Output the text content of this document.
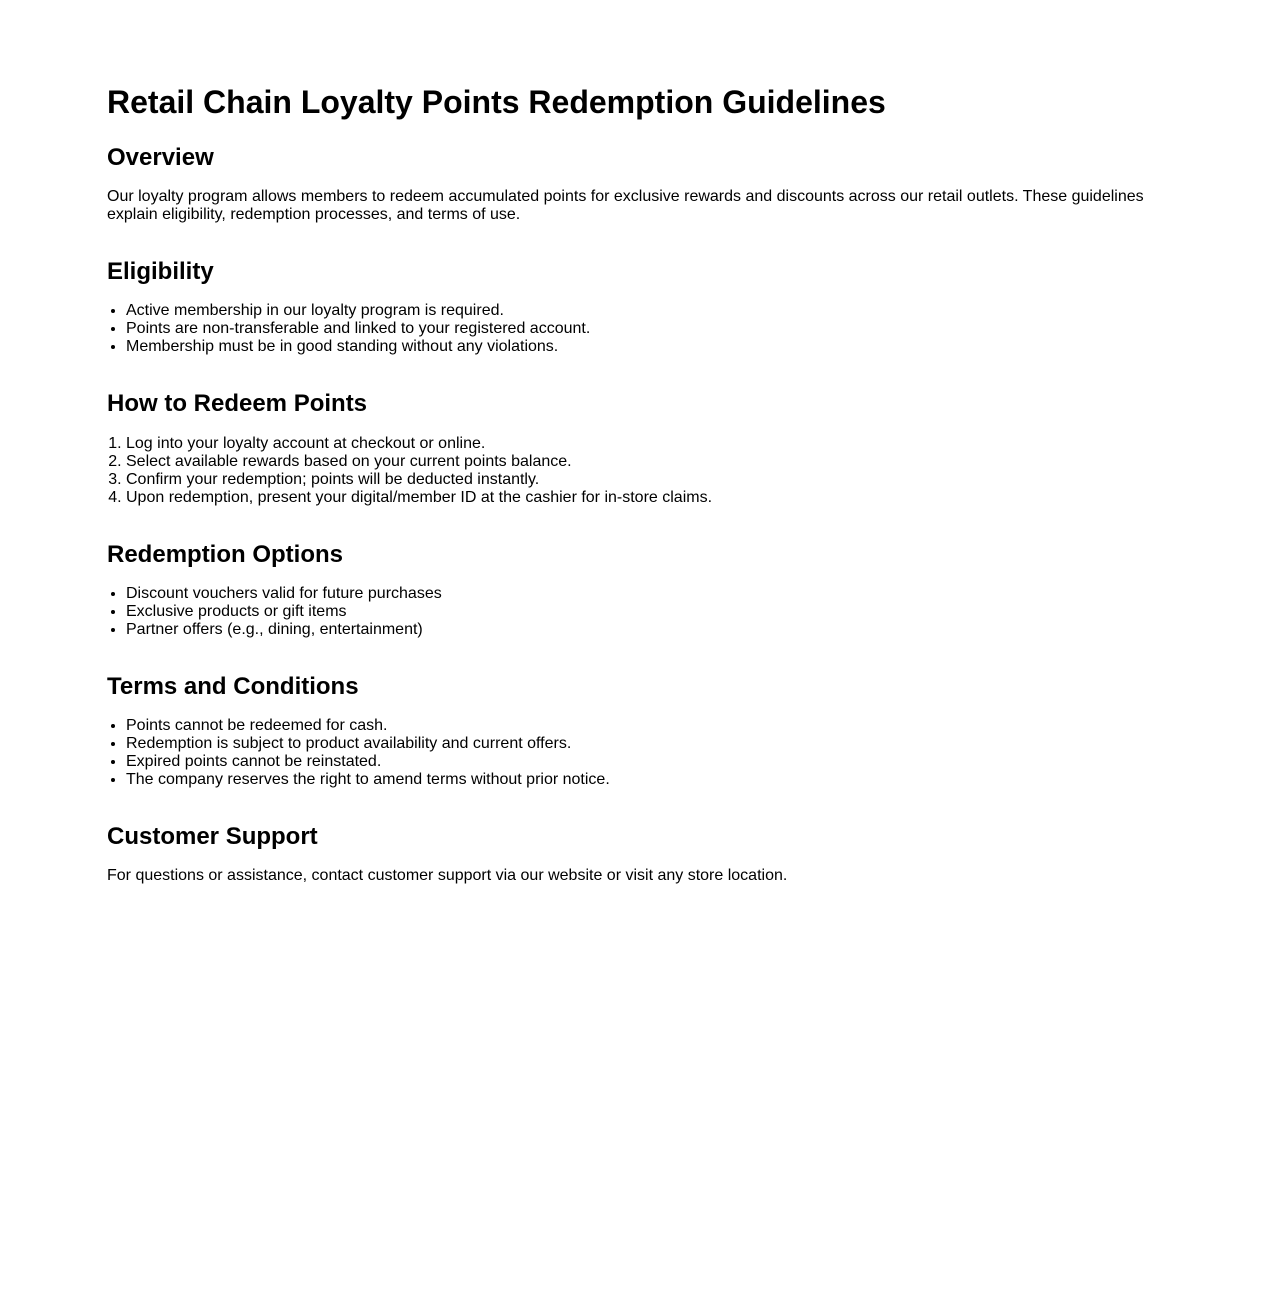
Retail Chain Loyalty Points Redemption Guidelines
Overview

Our loyalty program allows members to redeem accumulated points for exclusive rewards and discounts across our retail outlets. These guidelines explain eligibility, redemption processes, and terms of use.

Eligibility
• Active membership in our loyalty program is required.
• Points are non-transferable and linked to your registered account.
• Membership must be in good standing without any violations.
How to Redeem Points
1. Log into your loyalty account at checkout or online.
2. Select available rewards based on your current points balance.
3. Confirm your redemption; points will be deducted instantly.
4. Upon redemption, present your digital/member ID at the cashier for in-store claims.
Redemption Options
• Discount vouchers valid for future purchases
• Exclusive products or gift items
• Partner offers (e.g., dining, entertainment)
Terms and Conditions
• Points cannot be redeemed for cash.
• Redemption is subject to product availability and current offers.
• Expired points cannot be reinstated.
• The company reserves the right to amend terms without prior notice.
Customer Support

For questions or assistance, contact customer support via our website or visit any store location.
